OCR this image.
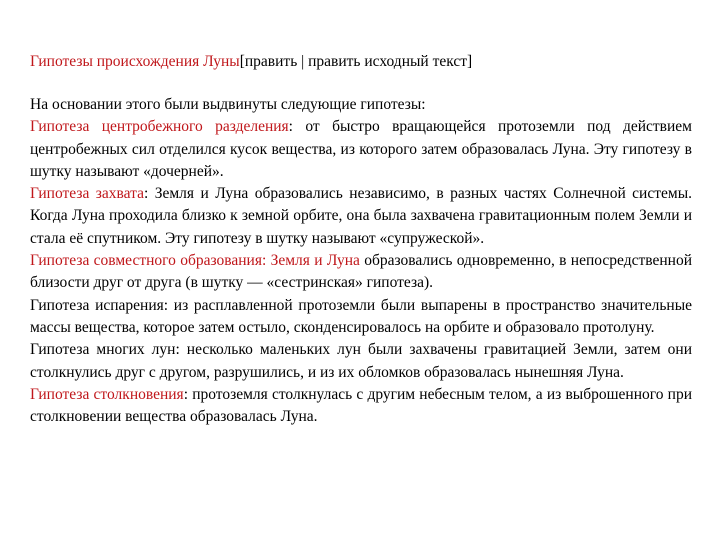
Гипотезы происхождения Луны[править | править исходный текст]

На основании этого были выдвинуты следующие гипотезы:

Гипотеза центробежного разделения: от быстро вращающейся протоземли под действием центробежных сил отделился кусок вещества, из которого затем образовалась Луна. Эту гипотезу в шутку называют «дочерней».

Гипотеза захвата: Земля и Луна образовались независимо, в разных частях Солнечной системы. Когда Луна проходила близко к земной орбите, она была захвачена гравитационным полем Земли и стала её спутником. Эту гипотезу в шутку называют «супружеской».

Гипотеза совместного образования: Земля и Луна образовались одновременно, в непосредственной близости друг от друга (в шутку — «сестринская» гипотеза).

Гипотеза испарения: из расплавленной протоземли были выпарены в пространство значительные массы вещества, которое затем остыло, сконденсировалось на орбите и образовало протолуну.

Гипотеза многих лун: несколько маленьких лун были захвачены гравитацией Земли, затем они столкнулись друг с другом, разрушились, и из их обломков образовалась нынешняя Луна.

Гипотеза столкновения: протоземля столкнулась с другим небесным телом, а из выброшенного при столкновении вещества образовалась Луна.
